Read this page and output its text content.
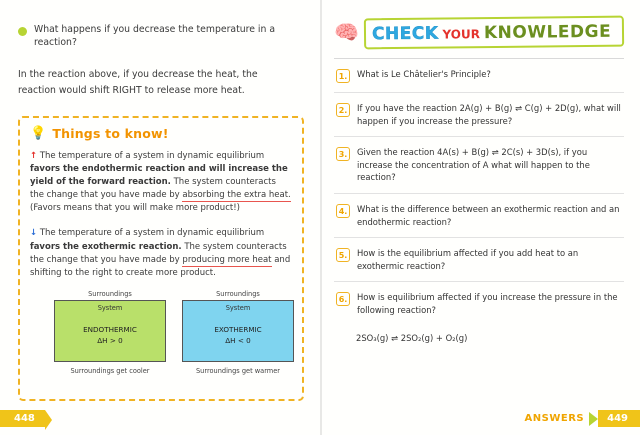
What happens if you decrease the temperature in a reaction?
In the reaction above, if you decrease the heat, the reaction would shift RIGHT to release more heat.
💡 Things to know!
↑ The temperature of a system in dynamic equilibrium favors the endothermic reaction and will increase the yield of the forward reaction. The system counteracts the change that you have made by absorbing the extra heat. (Favors means that you will make more product!)
↓ The temperature of a system in dynamic equilibrium favors the exothermic reaction. The system counteracts the change that you have made by producing more heat and shifting to the right to create more product.
Surroundings
System
ENDOTHERMIC
ΔH > 0
Surroundings get cooler
Surroundings
System
EXOTHERMIC
ΔH < 0
Surroundings get warmer
448
🧠 CHECK YOUR KNOWLEDGE
1.	What is Le Châtelier's Principle?
2.	If you have the reaction 2A(g) + B(g) ⇌ C(g) + 2D(g), what will happen if you increase the pressure?
3.	Given the reaction 4A(s) + B(g) ⇌ 2C(s) + 3D(s), if you increase the concentration of A what will happen to the reaction?
4.	What is the difference between an exothermic reaction and an endothermic reaction?
5.	How is the equilibrium affected if you add heat to an exothermic reaction?
6.	How is equilibrium affected if you increase the pressure in the following reaction?
2SO₃(g) ⇌ 2SO₂(g) + O₂(g)
ANSWERS	449
